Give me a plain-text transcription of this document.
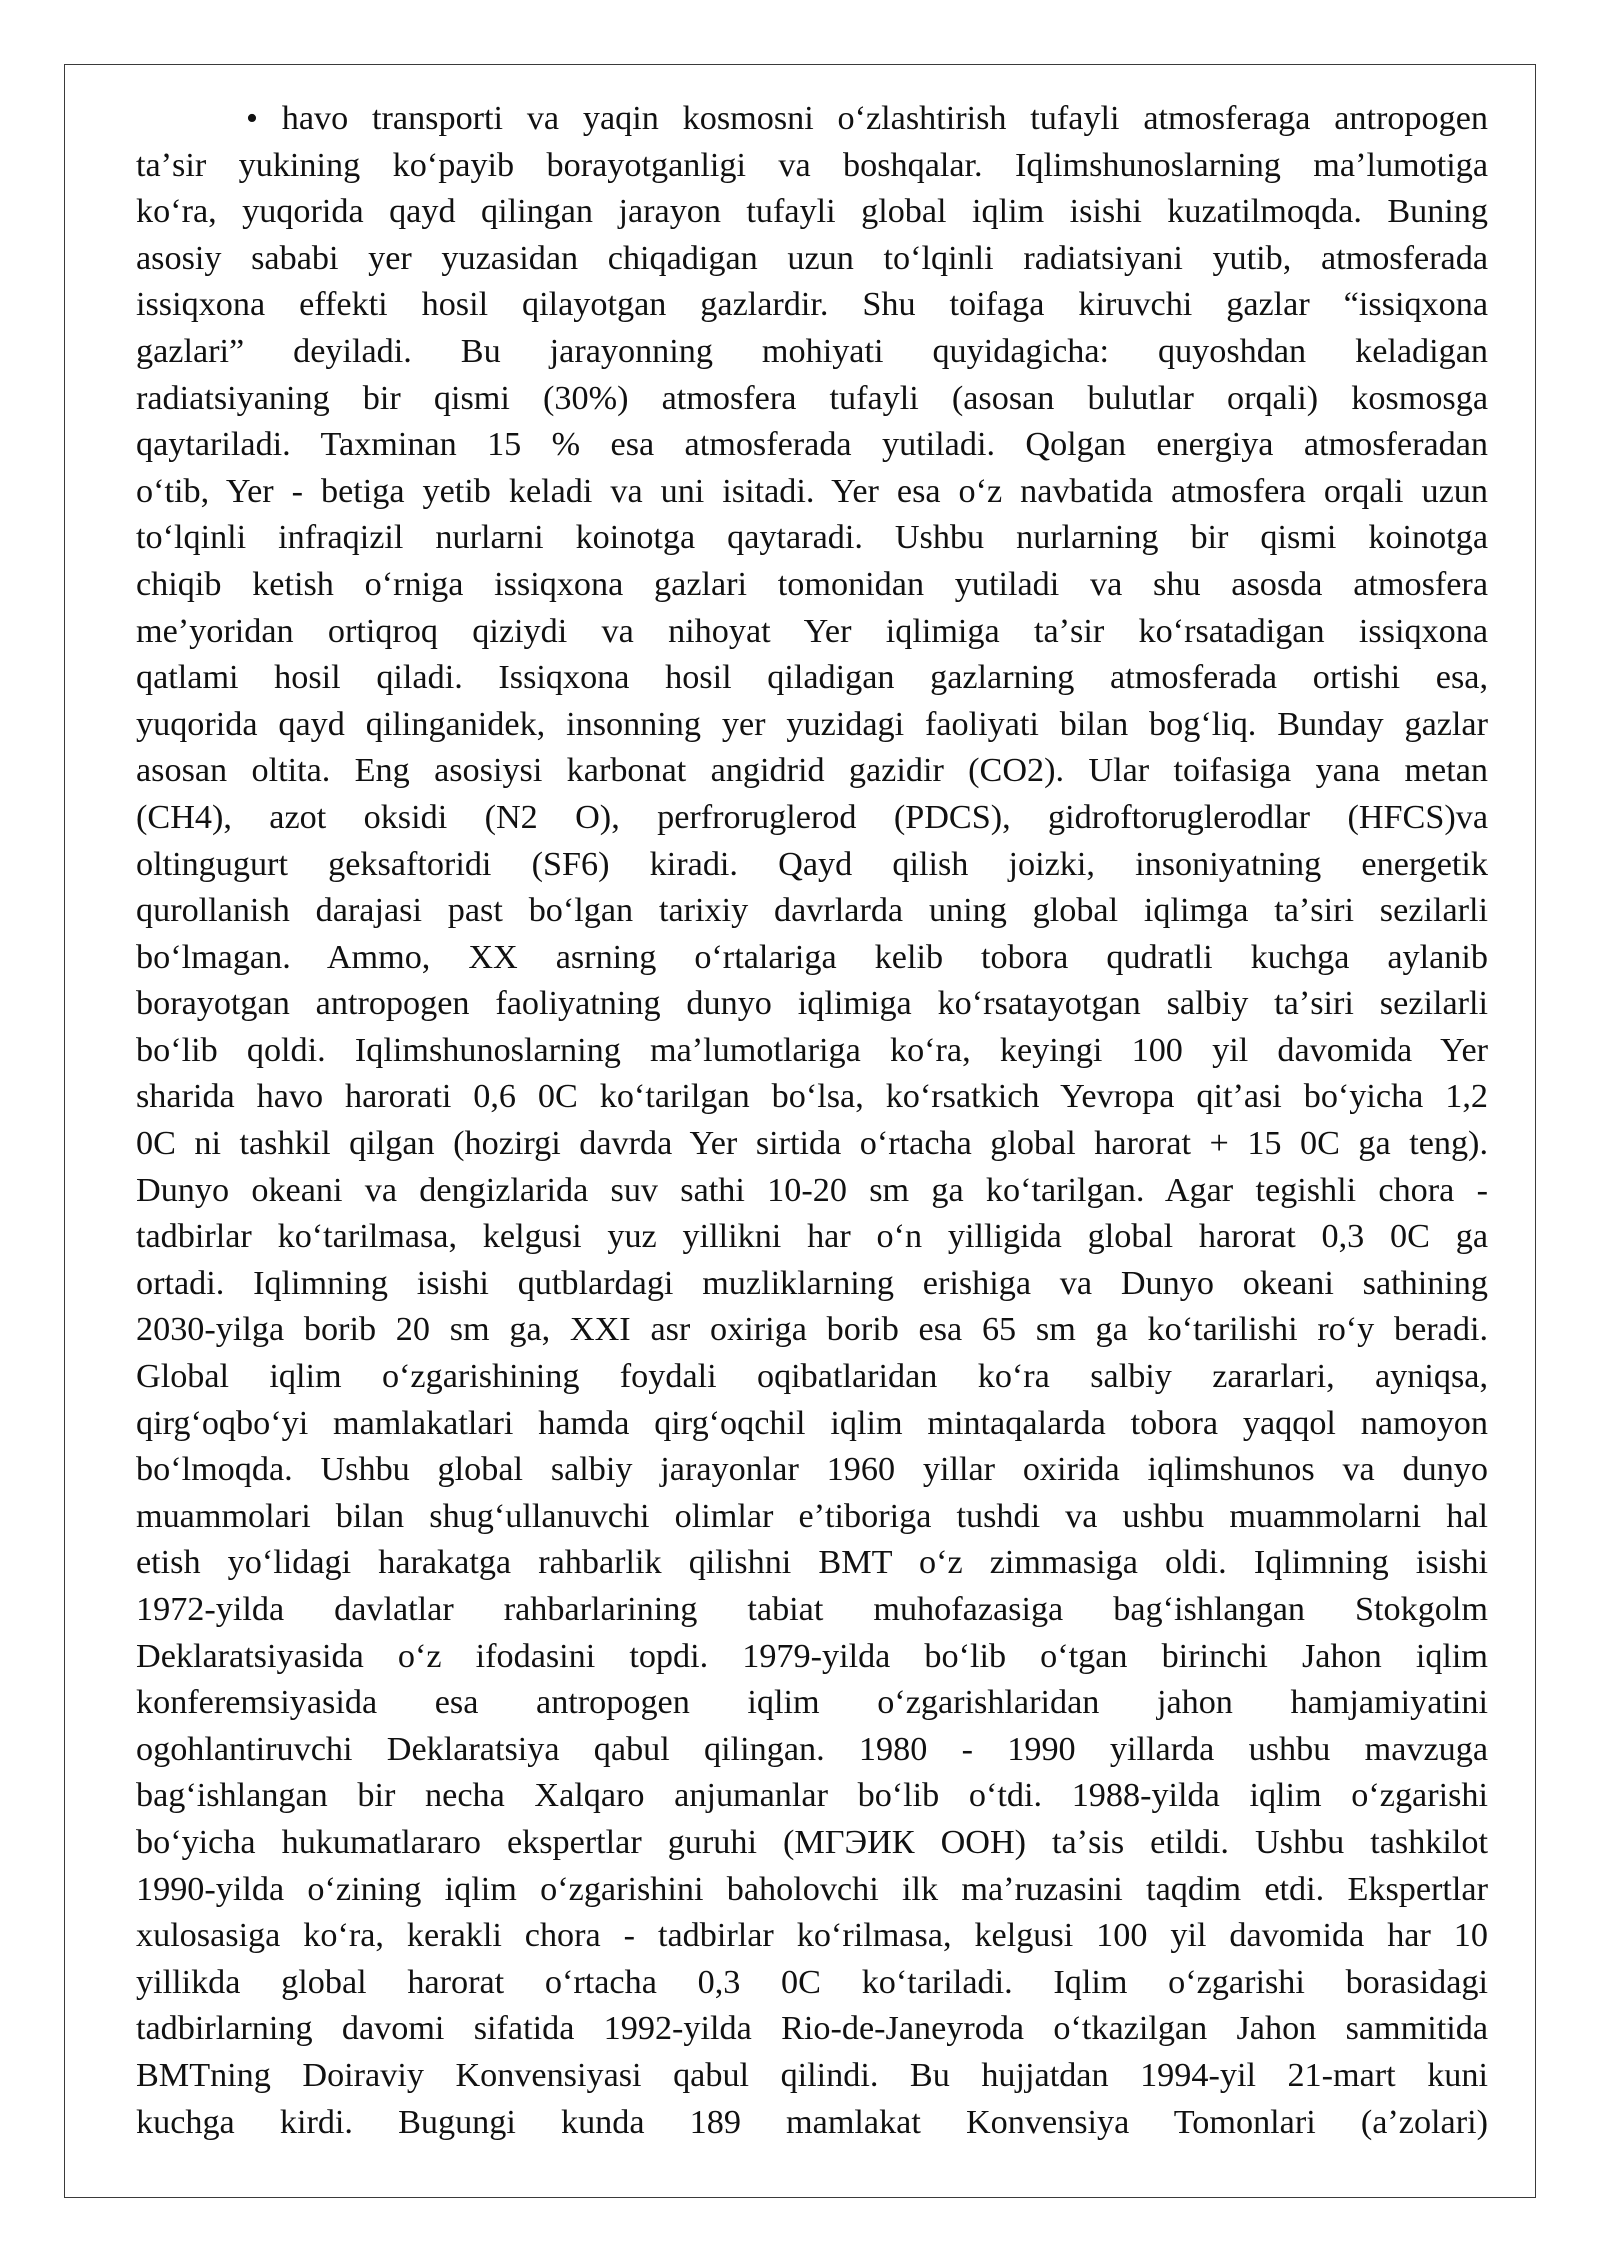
• havo transporti va yaqin kosmosni oʻzlashtirish tufayli atmosferaga antropogen
taʼsir yukining koʻpayib borayotganligi va boshqalar. Iqlimshunoslarning maʼlumotiga
koʻra, yuqorida qayd qilingan jarayon tufayli global iqlim isishi kuzatilmoqda. Buning
asosiy sababi yer yuzasidan chiqadigan uzun toʻlqinli radiatsiyani yutib, atmosferada
issiqxona effekti hosil qilayotgan gazlardir. Shu toifaga kiruvchi gazlar “issiqxona
gazlari” deyiladi. Bu jarayonning mohiyati quyidagicha: quyoshdan keladigan
radiatsiyaning bir qismi (30%) atmosfera tufayli (asosan bulutlar orqali) kosmosga
qaytariladi. Taxminan 15 % esa atmosferada yutiladi. Qolgan energiya atmosferadan
oʻtib, Yer - betiga yetib keladi va uni isitadi. Yer esa oʻz navbatida atmosfera orqali uzun
toʻlqinli infraqizil nurlarni koinotga qaytaradi. Ushbu nurlarning bir qismi koinotga
chiqib ketish oʻrniga issiqxona gazlari tomonidan yutiladi va shu asosda atmosfera
meʼyoridan ortiqroq qiziydi va nihoyat Yer iqlimiga taʼsir koʻrsatadigan issiqxona
qatlami hosil qiladi. Issiqxona hosil qiladigan gazlarning atmosferada ortishi esa,
yuqorida qayd qilinganidek, insonning yer yuzidagi faoliyati bilan bogʻliq. Bunday gazlar
asosan oltita. Eng asosiysi karbonat angidrid gazidir (CO2). Ular toifasiga yana metan
(CH4), azot oksidi (N2 O), perfroruglerod (PDCS), gidroftoruglerodlar (HFCS)va
oltingugurt geksaftoridi (SF6) kiradi. Qayd qilish joizki, insoniyatning energetik
qurollanish darajasi past boʻlgan tarixiy davrlarda uning global iqlimga taʼsiri sezilarli
boʻlmagan. Ammo, XX asrning oʻrtalariga kelib tobora qudratli kuchga aylanib
borayotgan antropogen faoliyatning dunyo iqlimiga koʻrsatayotgan salbiy taʼsiri sezilarli
boʻlib qoldi. Iqlimshunoslarning maʼlumotlariga koʻra, keyingi 100 yil davomida Yer
sharida havo harorati 0,6 0C koʻtarilgan boʻlsa, koʻrsatkich Yevropa qitʼasi boʻyicha 1,2
0C ni tashkil qilgan (hozirgi davrda Yer sirtida oʻrtacha global harorat + 15 0C ga teng).
Dunyo okeani va dengizlarida suv sathi 10-20 sm ga koʻtarilgan. Agar tegishli chora -
tadbirlar koʻtarilmasa, kelgusi yuz yillikni har oʻn yilligida global harorat 0,3 0C ga
ortadi. Iqlimning isishi qutblardagi muzliklarning erishiga va Dunyo okeani sathining
2030-yilga borib 20 sm ga, XXI asr oxiriga borib esa 65 sm ga koʻtarilishi roʻy beradi.
Global iqlim oʻzgarishining foydali oqibatlaridan koʻra salbiy zararlari, ayniqsa,
qirgʻoqboʻyi mamlakatlari hamda qirgʻoqchil iqlim mintaqalarda tobora yaqqol namoyon
boʻlmoqda. Ushbu global salbiy jarayonlar 1960 yillar oxirida iqlimshunos va dunyo
muammolari bilan shugʻullanuvchi olimlar eʼtiboriga tushdi va ushbu muammolarni hal
etish yoʻlidagi harakatga rahbarlik qilishni BMT oʻz zimmasiga oldi. Iqlimning isishi
1972-yilda davlatlar rahbarlarining tabiat muhofazasiga bagʻishlangan Stokgolm
Deklaratsiyasida oʻz ifodasini topdi. 1979-yilda boʻlib oʻtgan birinchi Jahon iqlim
konferemsiyasida esa antropogen iqlim oʻzgarishlaridan jahon hamjamiyatini
ogohlantiruvchi Deklaratsiya qabul qilingan. 1980 - 1990 yillarda ushbu mavzuga
bagʻishlangan bir necha Xalqaro anjumanlar boʻlib oʻtdi. 1988-yilda iqlim oʻzgarishi
boʻyicha hukumatlararo ekspertlar guruhi (МГЭИК ООН) taʼsis etildi. Ushbu tashkilot
1990-yilda oʻzining iqlim oʻzgarishini baholovchi ilk maʼruzasini taqdim etdi. Ekspertlar
xulosasiga koʻra, kerakli chora - tadbirlar koʻrilmasa, kelgusi 100 yil davomida har 10
yillikda global harorat oʻrtacha 0,3 0C koʻtariladi. Iqlim oʻzgarishi borasidagi
tadbirlarning davomi sifatida 1992-yilda Rio-de-Janeyroda oʻtkazilgan Jahon sammitida
BMTning Doiraviy Konvensiyasi qabul qilindi. Bu hujjatdan 1994-yil 21-mart kuni
kuchga kirdi. Bugungi kunda 189 mamlakat Konvensiya Tomonlari (aʼzolari)
